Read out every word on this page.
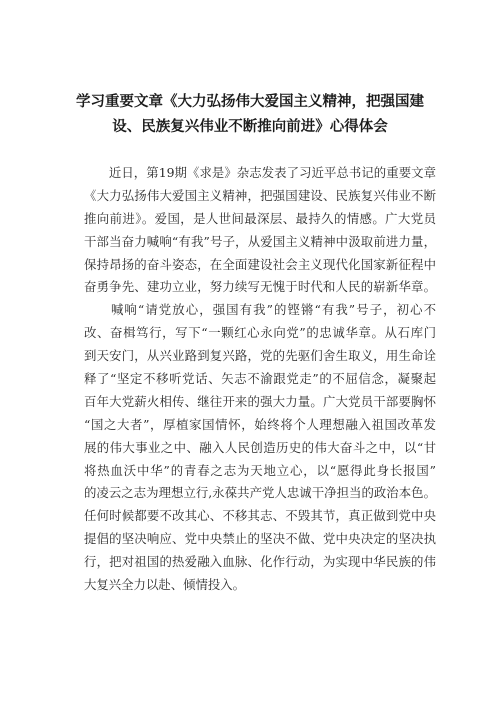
学习重要文章《大力弘扬伟大爱国主义精神，把强国建
设、民族复兴伟业不断推向前进》心得体会
　　近日，第19期《求是》杂志发表了习近平总书记的重要文章
《大力弘扬伟大爱国主义精神，把强国建设、民族复兴伟业不断
推向前进》。爱国，是人世间最深层、最持久的情感。广大党员
干部当奋力喊响“有我”号子，从爱国主义精神中汲取前进力量，
保持昂扬的奋斗姿态，在全面建设社会主义现代化国家新征程中
奋勇争先、建功立业，努力续写无愧于时代和人民的崭新华章。
　　喊响“请党放心，强国有我”的铿锵“有我”号子，初心不
改、奋楫笃行，写下“一颗红心永向党”的忠诚华章。从石库门
到天安门，从兴业路到复兴路，党的先驱们舍生取义，用生命诠
释了“坚定不移听党话、矢志不渝跟党走”的不屈信念，凝聚起
百年大党薪火相传、继往开来的强大力量。广大党员干部要胸怀
“国之大者”，厚植家国情怀，始终将个人理想融入祖国改革发
展的伟大事业之中、融入人民创造历史的伟大奋斗之中，以“甘
将热血沃中华”的青春之志为天地立心，以“愿得此身长报国”
的凌云之志为理想立行,永葆共产党人忠诚干净担当的政治本色。
任何时候都要不改其心、不移其志、不毁其节，真正做到党中央
提倡的坚决响应、党中央禁止的坚决不做、党中央决定的坚决执
行，把对祖国的热爱融入血脉、化作行动，为实现中华民族的伟
大复兴全力以赴、倾情投入。
